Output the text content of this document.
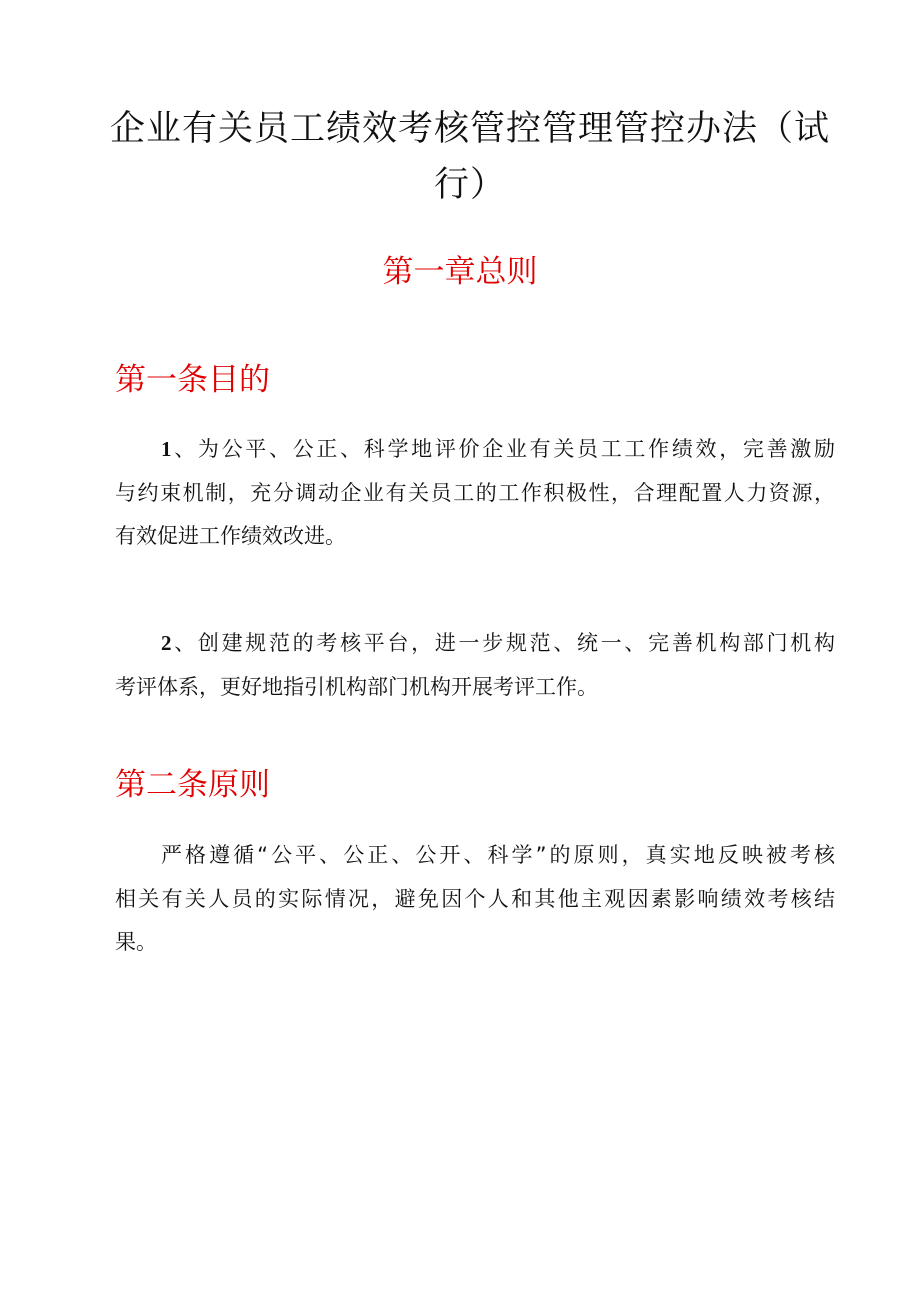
企业有关员工绩效考核管控管理管控办法（试
行）
第一章总则
第一条目的

1、为公平、公正、科学地评价企业有关员工工作绩效，完善激励
与约束机制，充分调动企业有关员工的工作积极性，合理配置人力资源，
有效促进工作绩效改进。

2、创建规范的考核平台，进一步规范、统一、完善机构部门机构
考评体系，更好地指引机构部门机构开展考评工作。

第二条原则

严格遵循“公平、公正、公开、科学”的原则，真实地反映被考核
相关有关人员的实际情况，避免因个人和其他主观因素影响绩效考核结
果。
